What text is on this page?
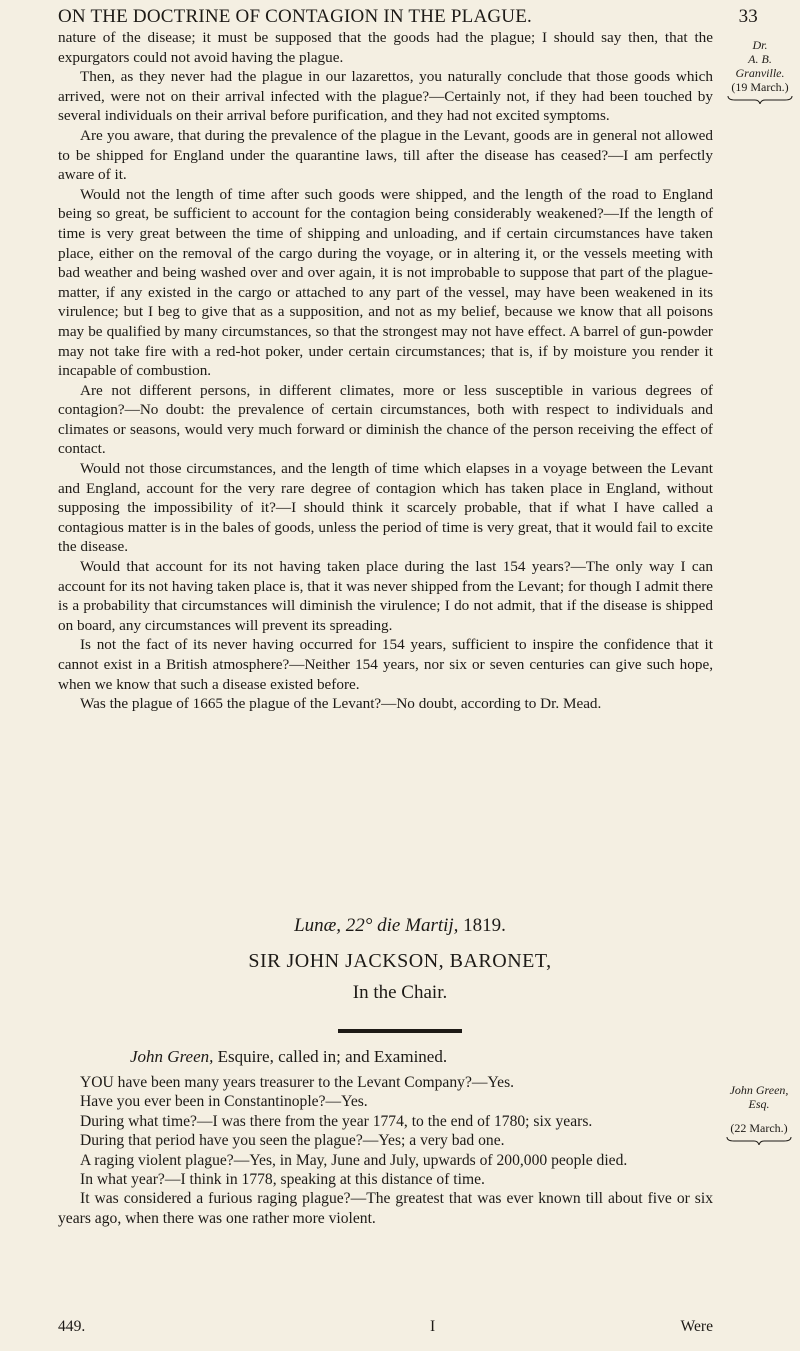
ON THE DOCTRINE OF CONTAGION IN THE PLAGUE.	33
Dr.
A. B. Granville.
(19 March.)

nature of the disease; it must be supposed that the goods had the plague; I should say then, that the expurgators could not avoid having the plague.

Then, as they never had the plague in our lazarettos, you naturally conclude that those goods which arrived, were not on their arrival infected with the plague?—Certainly not, if they had been touched by several individuals on their arrival before purification, and they had not excited symptoms.

Are you aware, that during the prevalence of the plague in the Levant, goods are in general not allowed to be shipped for England under the quarantine laws, till after the disease has ceased?—I am perfectly aware of it.

Would not the length of time after such goods were shipped, and the length of the road to England being so great, be sufficient to account for the contagion being considerably weakened?—If the length of time is very great between the time of shipping and unloading, and if certain circumstances have taken place, either on the removal of the cargo during the voyage, or in altering it, or the vessels meeting with bad weather and being washed over and over again, it is not improbable to suppose that part of the plague-matter, if any existed in the cargo or attached to any part of the vessel, may have been weakened in its virulence; but I beg to give that as a supposition, and not as my belief, because we know that all poisons may be qualified by many circumstances, so that the strongest may not have effect. A barrel of gun-powder may not take fire with a red-hot poker, under certain circumstances; that is, if by moisture you render it incapable of combustion.

Are not different persons, in different climates, more or less susceptible in various degrees of contagion?—No doubt: the prevalence of certain circumstances, both with respect to individuals and climates or seasons, would very much forward or diminish the chance of the person receiving the effect of contact.

Would not those circumstances, and the length of time which elapses in a voyage between the Levant and England, account for the very rare degree of contagion which has taken place in England, without supposing the impossibility of it?—I should think it scarcely probable, that if what I have called a contagious matter is in the bales of goods, unless the period of time is very great, that it would fail to excite the disease.

Would that account for its not having taken place during the last 154 years?—The only way I can account for its not having taken place is, that it was never shipped from the Levant; for though I admit there is a probability that circumstances will diminish the virulence; I do not admit, that if the disease is shipped on board, any circumstances will prevent its spreading.

Is not the fact of its never having occurred for 154 years, sufficient to inspire the confidence that it cannot exist in a British atmosphere?—Neither 154 years, nor six or seven centuries can give such hope, when we know that such a disease existed before.

Was the plague of 1665 the plague of the Levant?—No doubt, according to Dr. Mead.

Lunæ, 22° die Martij, 1819.
SIR JOHN JACKSON, BARONET,
In the Chair.
John Green, Esquire, called in; and Examined.
John Green,
Esq.
(22 March.)

YOU have been many years treasurer to the Levant Company?—Yes.

Have you ever been in Constantinople?—Yes.

During what time?—I was there from the year 1774, to the end of 1780; six years.

During that period have you seen the plague?—Yes; a very bad one.

A raging violent plague?—Yes, in May, June and July, upwards of 200,000 people died.

In what year?—I think in 1778, speaking at this distance of time.

It was considered a furious raging plague?—The greatest that was ever known till about five or six years ago, when there was one rather more violent.

449.	I	Were
